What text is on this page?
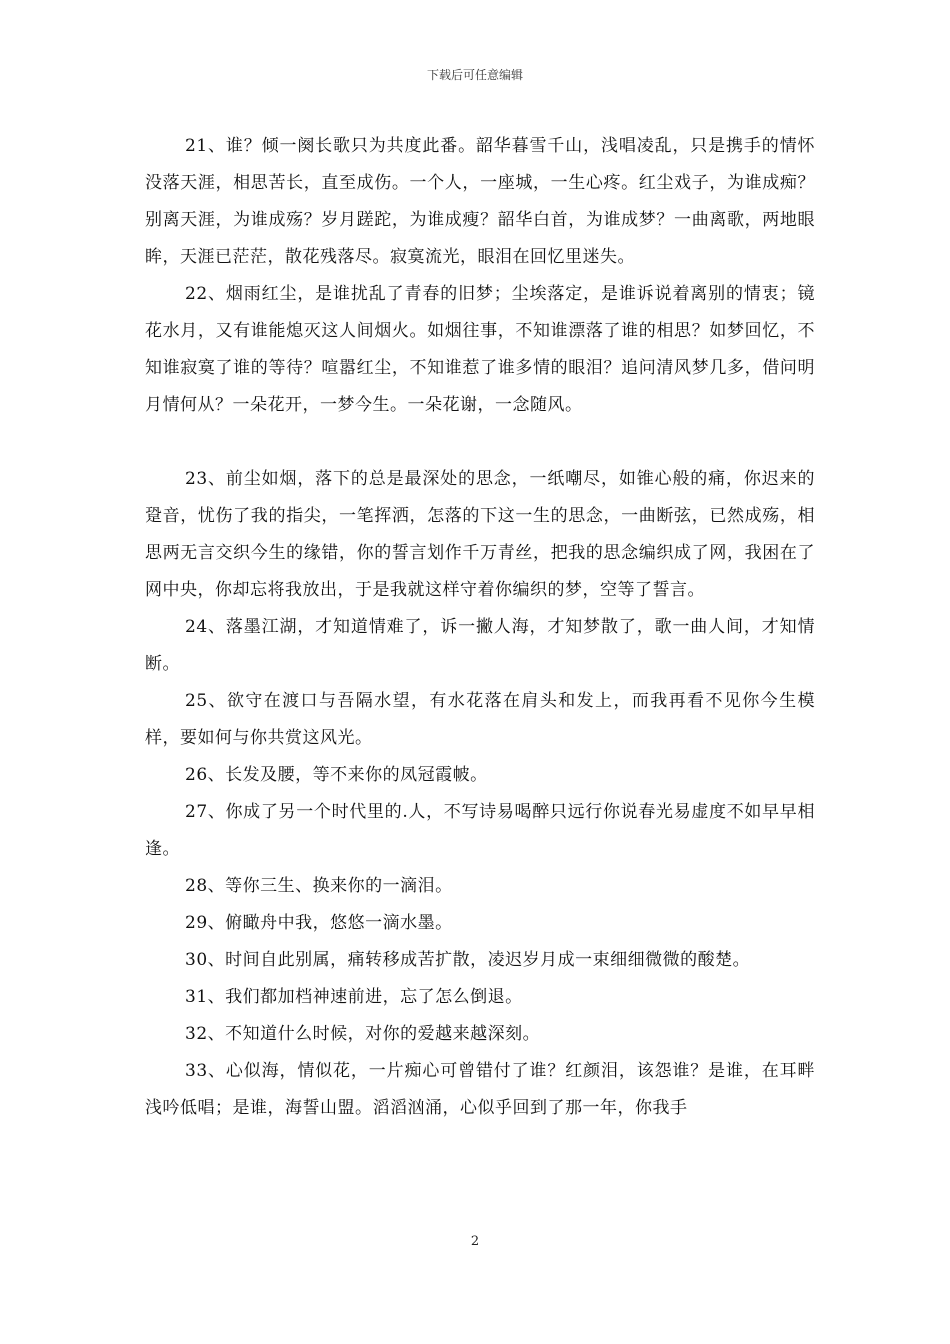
下载后可任意编辑

21、谁？倾一阕长歌只为共度此番。韶华暮雪千山，浅唱凌乱，只是携手的情怀没落天涯，相思苦长，直至成伤。一个人，一座城，一生心疼。红尘戏子，为谁成痴？别离天涯，为谁成殇？岁月蹉跎，为谁成瘦？韶华白首，为谁成梦？一曲离歌，两地眼眸，天涯已茫茫，散花残落尽。寂寞流光，眼泪在回忆里迷失。

22、烟雨红尘，是谁扰乱了青春的旧梦；尘埃落定，是谁诉说着离别的情衷；镜花水月，又有谁能熄灭这人间烟火。如烟往事，不知谁漂落了谁的相思？如梦回忆，不知谁寂寞了谁的等待？喧嚣红尘，不知谁惹了谁多情的眼泪？追问清风梦几多，借问明月情何从？一朵花开，一梦今生。一朵花谢，一念随风。

23、前尘如烟，落下的总是最深处的思念，一纸嘲尽，如锥心般的痛，你迟来的跫音，忧伤了我的指尖，一笔挥洒，怎落的下这一生的思念，一曲断弦，已然成殇，相思两无言交织今生的缘错，你的誓言划作千万青丝，把我的思念编织成了网，我困在了网中央，你却忘将我放出，于是我就这样守着你编织的梦，空等了誓言。

24、落墨江湖，才知道情难了，诉一撇人海，才知梦散了，歌一曲人间，才知情断。

25、欲守在渡口与吾隔水望，有水花落在肩头和发上，而我再看不见你今生模样，要如何与你共赏这风光。

26、长发及腰，等不来你的凤冠霞帔。

27、你成了另一个时代里的.人，不写诗易喝醉只远行你说春光易虚度不如早早相逢。

28、等你三生、换来你的一滴泪。

29、俯瞰舟中我，悠悠一滴水墨。

30、时间自此别属，痛转移成苦扩散，凌迟岁月成一束细细微微的酸楚。

31、我们都加档神速前进，忘了怎么倒退。

32、不知道什么时候，对你的爱越来越深刻。

33、心似海，情似花，一片痴心可曾错付了谁？红颜泪，该怨谁？是谁，在耳畔浅吟低唱；是谁，海誓山盟。滔滔汹涌，心似乎回到了那一年，你我手

2
